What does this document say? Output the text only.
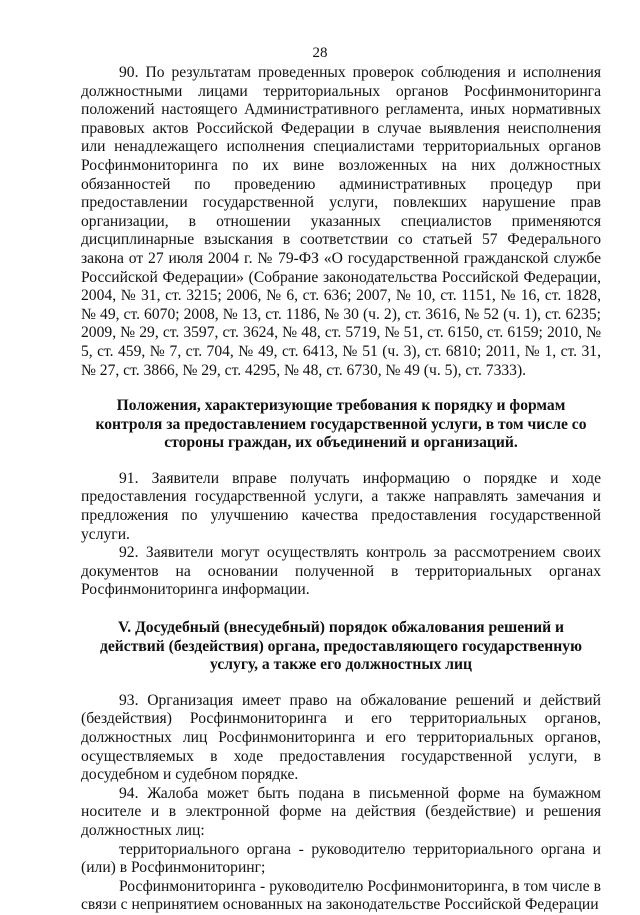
28

90. По результатам проведенных проверок соблюдения и исполнения должностными лицами территориальных органов Росфинмониторинга положений настоящего Административного регламента, иных нормативных правовых актов Российской Федерации в случае выявления неисполнения или ненадлежащего исполнения специалистами территориальных органов Росфинмониторинга по их вине возложенных на них должностных обязанностей по проведению административных процедур при предоставлении государственной услуги, повлекших нарушение прав организации, в отношении указанных специалистов применяются дисциплинарные взыскания в соответствии со статьей 57 Федерального закона от 27 июля 2004 г. № 79-ФЗ «О государственной гражданской службе Российской Федерации» (Собрание законодательства Российской Федерации, 2004, № 31, ст. 3215; 2006, № 6, ст. 636; 2007, № 10, ст. 1151, № 16, ст. 1828, № 49, ст. 6070; 2008, № 13, ст. 1186, № 30 (ч. 2), ст. 3616, № 52 (ч. 1), ст. 6235; 2009, № 29, ст. 3597, ст. 3624, № 48, ст. 5719, № 51, ст. 6150, ст. 6159; 2010, № 5, ст. 459, № 7, ст. 704, № 49, ст. 6413, № 51 (ч. 3), ст. 6810; 2011, № 1, ст. 31, № 27, ст. 3866, № 29, ст. 4295, № 48, ст. 6730, № 49 (ч. 5), ст. 7333).

Положения, характеризующие требования к порядку и формам контроля за предоставлением государственной услуги, в том числе со стороны граждан, их объединений и организаций.

91. Заявители вправе получать информацию о порядке и ходе предоставления государственной услуги, а также направлять замечания и предложения по улучшению качества предоставления государственной услуги.

92. Заявители могут осуществлять контроль за рассмотрением своих документов на основании полученной в территориальных органах Росфинмониторинга информации.

V. Досудебный (внесудебный) порядок обжалования решений и действий (бездействия) органа, предоставляющего государственную услугу, а также его должностных лиц

93. Организация имеет право на обжалование решений и действий (бездействия) Росфинмониторинга и его территориальных органов, должностных лиц Росфинмониторинга и его территориальных органов, осуществляемых в ходе предоставления государственной услуги, в досудебном и судебном порядке.

94. Жалоба может быть подана в письменной форме на бумажном носителе и в электронной форме на действия (бездействие) и решения должностных лиц:

территориального органа - руководителю территориального органа и (или) в Росфинмониторинг;

Росфинмониторинга - руководителю Росфинмониторинга, в том числе в связи с непринятием основанных на законодательстве Российской Федерации
